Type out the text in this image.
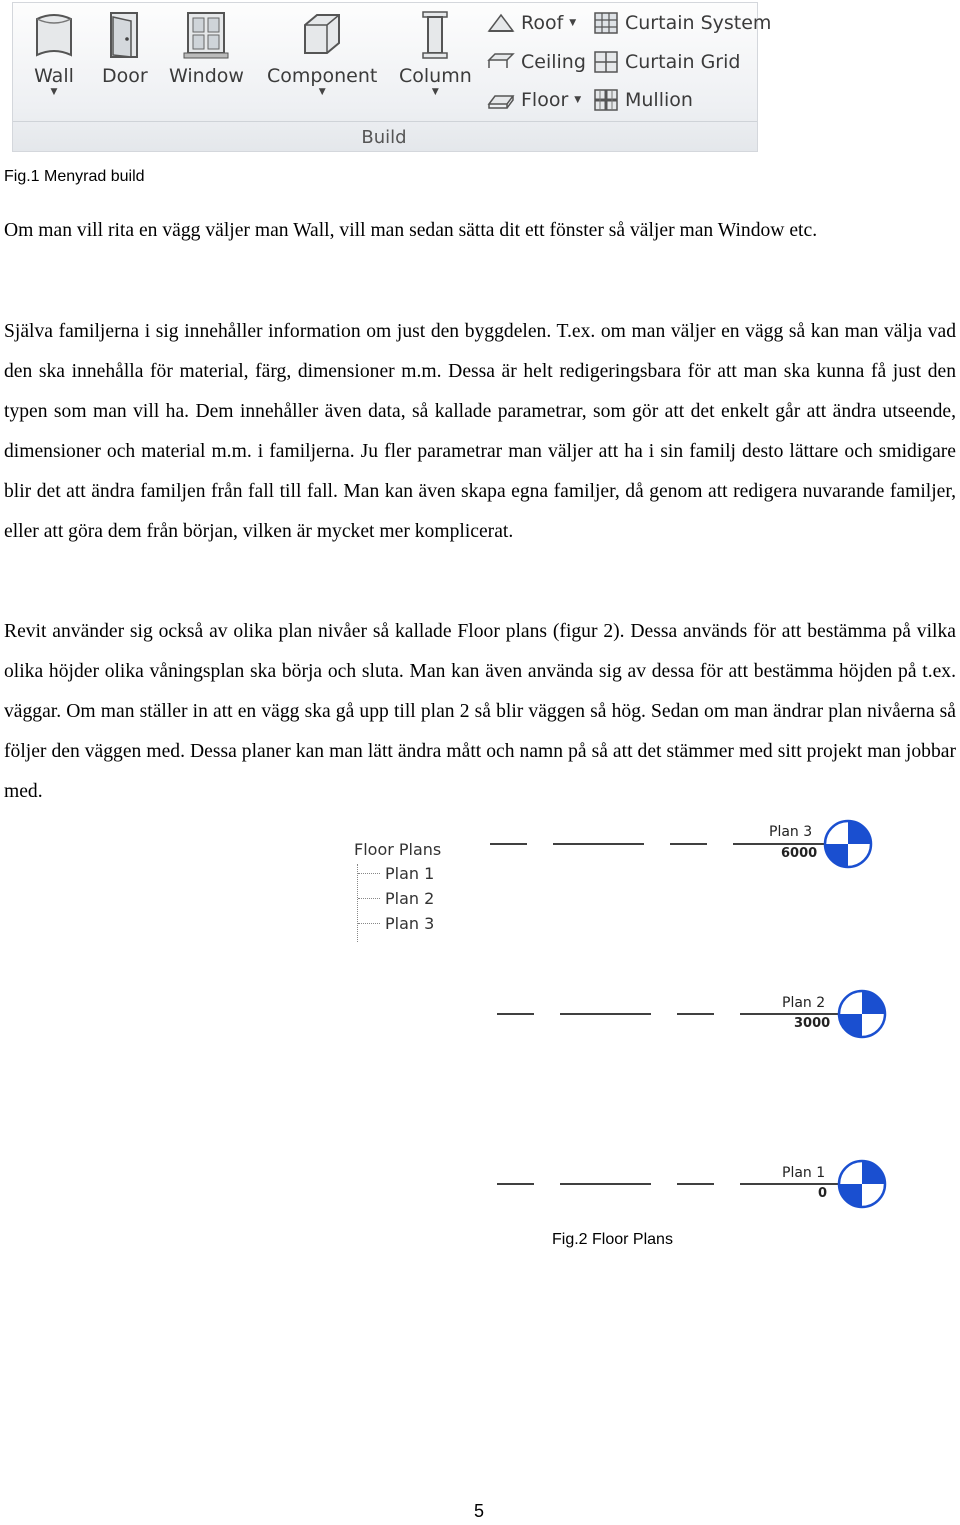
Wall
▼
Door Window Component
▼
Column
▼
Roof ▼
Ceiling
Floor ▼
Curtain System
Curtain Grid
Mullion
Build
Fig.1 Menyrad build

Om man vill rita en vägg väljer man Wall, vill man sedan sätta dit ett fönster så väljer man Window etc.

Själva familjerna i sig innehåller information om just den byggdelen. T.ex. om man väljer en vägg så kan man välja vad den ska innehålla för material, färg, dimensioner m.m. Dessa är helt redigeringsbara för att man ska kunna få just den typen som man vill ha. Dem innehåller även data, så kallade parametrar, som gör att det enkelt går att ändra utseende, dimensioner och material m.m. i familjerna. Ju fler parametrar man väljer att ha i sin familj desto lättare och smidigare blir det att ändra familjen från fall till fall. Man kan även skapa egna familjer, då genom att redigera nuvarande familjer, eller att göra dem från början, vilken är mycket mer komplicerat.

Revit använder sig också av olika plan nivåer så kallade Floor plans (figur 2). Dessa används för att bestämma på vilka olika höjder olika våningsplan ska börja och sluta. Man kan även använda sig av dessa för att bestämma höjden på t.ex. väggar. Om man ställer in att en vägg ska gå upp till plan 2 så blir väggen så hög. Sedan om man ändrar plan nivåerna så följer den väggen med. Dessa planer kan man lätt ändra mått och namn på så att det stämmer med sitt projekt man jobbar med.

Floor Plans
Plan 1
Plan 2
Plan 3
Plan 3
6000
Plan 2
3000
Plan 1
0
Fig.2 Floor Plans
5
